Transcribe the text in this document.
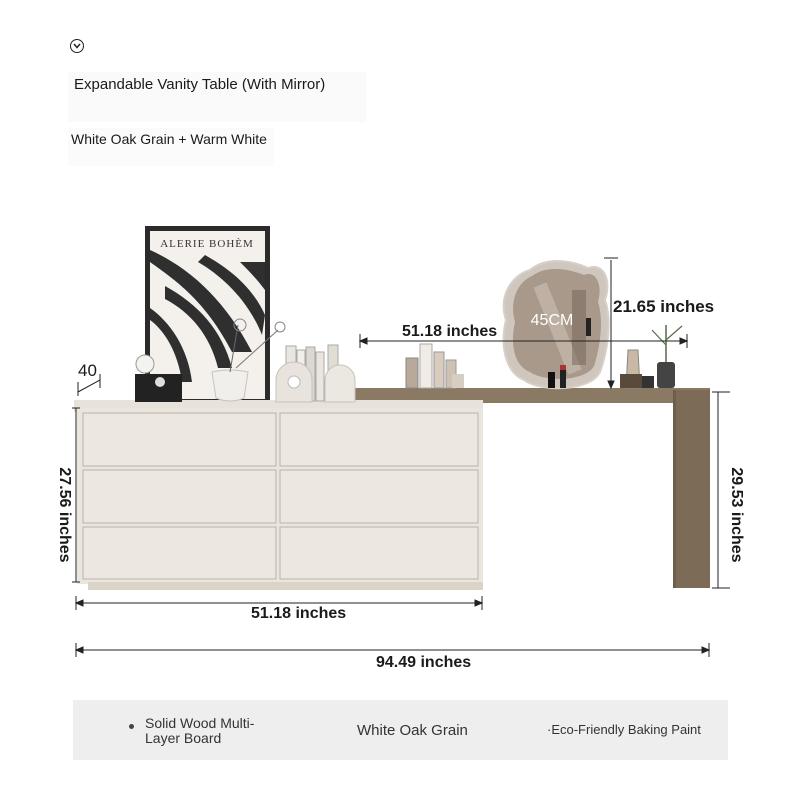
Expandable Vanity Table (With Mirror)
White Oak Grain + Warm White
ALERIE BOHÈM
45CM
40
51.18 inches
21.65 inches
27.56 inches	29.53 inches
51.18 inches
94.49 inches
Solid Wood Multi-Layer Board	White Oak Grain	·Eco-Friendly Baking Paint
